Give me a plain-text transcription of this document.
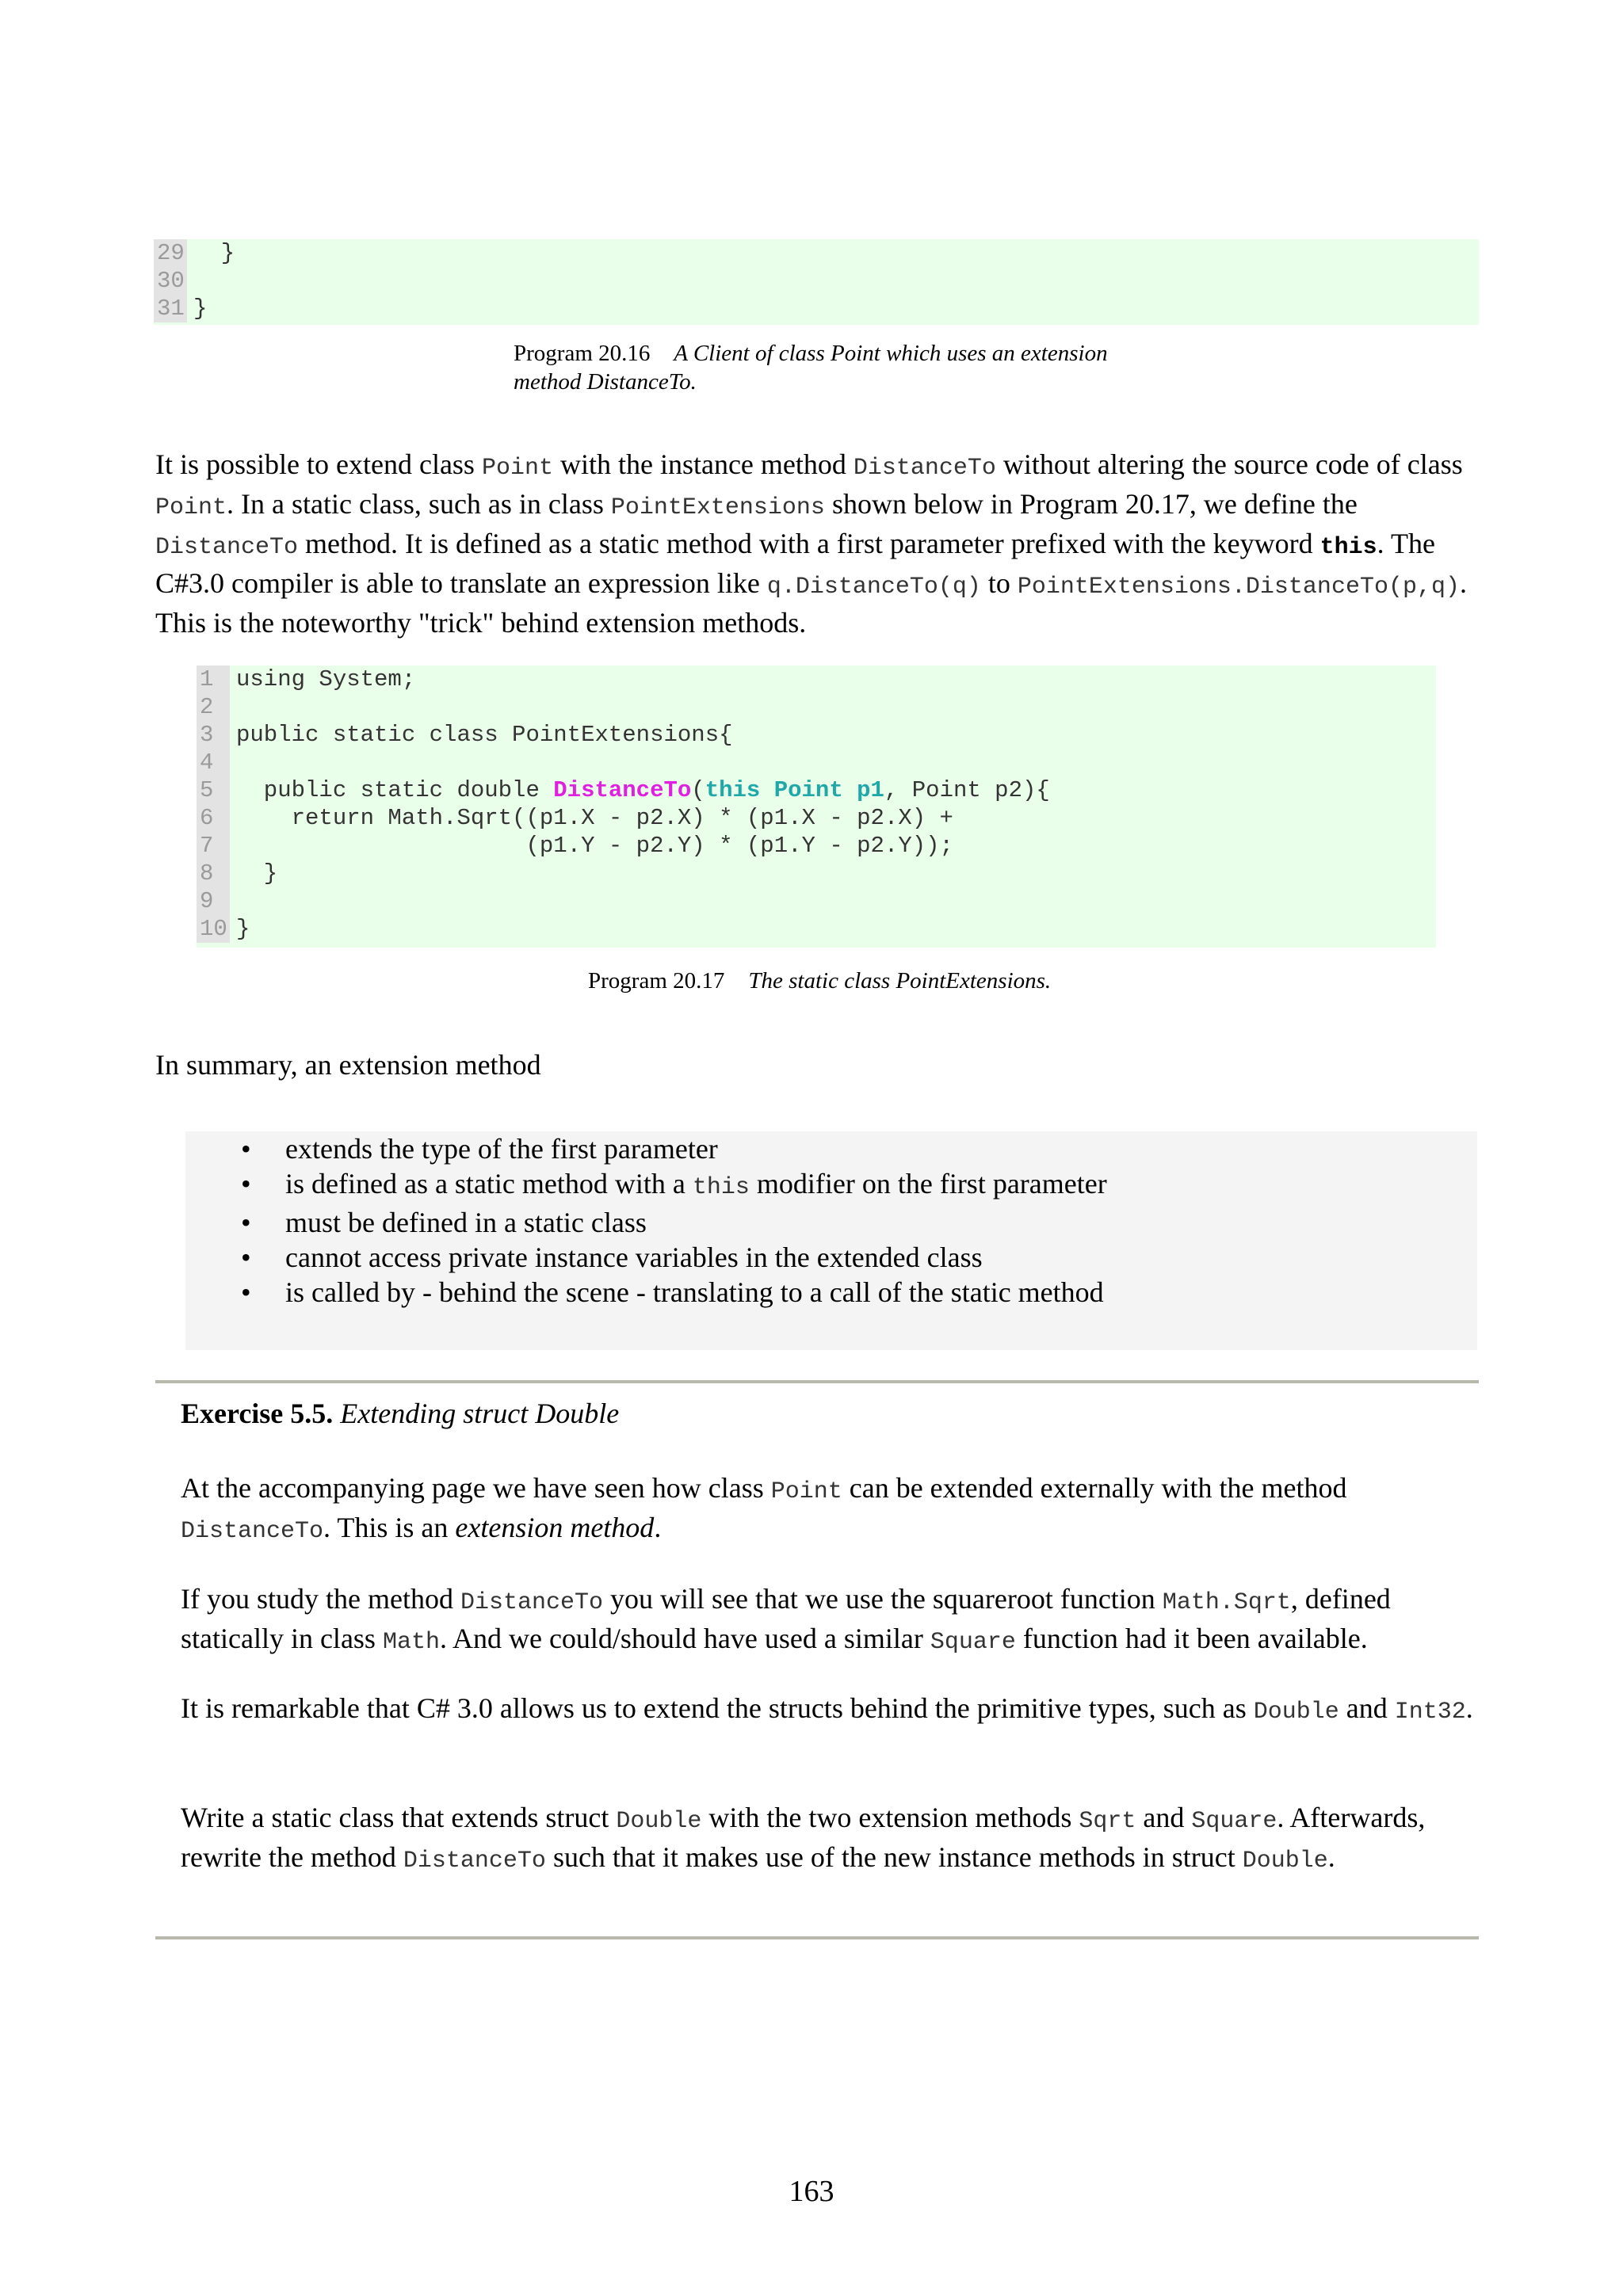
29 }
30
31 }
Program 20.16 A Client of class Point which uses an extension
method DistanceTo.

It is possible to extend class Point with the instance method DistanceTo without altering the source code of class Point. In a static class, such as in class PointExtensions shown below in Program 20.17, we define the DistanceTo method. It is defined as a static method with a first parameter prefixed with the keyword this. The C#3.0 compiler is able to translate an expression like q.DistanceTo(q) to PointExtensions.DistanceTo(p,q). This is the noteworthy "trick" behind extension methods.

1 using System;
2
3 public static class PointExtensions{
4
5 public static double DistanceTo(this Point p1, Point p2){
6 return Math.Sqrt((p1.X - p2.X) * (p1.X - p2.X) +
7 (p1.Y - p2.Y) * (p1.Y - p2.Y));
8 }
9
10 }
Program 20.17 The static class PointExtensions.

In summary, an extension method

• extends the type of the first parameter
• is defined as a static method with a this modifier on the first parameter
• must be defined in a static class
• cannot access private instance variables in the extended class
• is called by - behind the scene - translating to a call of the static method

Exercise 5.5. Extending struct Double

At the accompanying page we have seen how class Point can be extended externally with the method DistanceTo. This is an extension method.

If you study the method DistanceTo you will see that we use the squareroot function Math.Sqrt, defined statically in class Math. And we could/should have used a similar Square function had it been available.

It is remarkable that C# 3.0 allows us to extend the structs behind the primitive types, such as Double and Int32.

Write a static class that extends struct Double with the two extension methods Sqrt and Square. Afterwards, rewrite the method DistanceTo such that it makes use of the new instance methods in struct Double.

163
